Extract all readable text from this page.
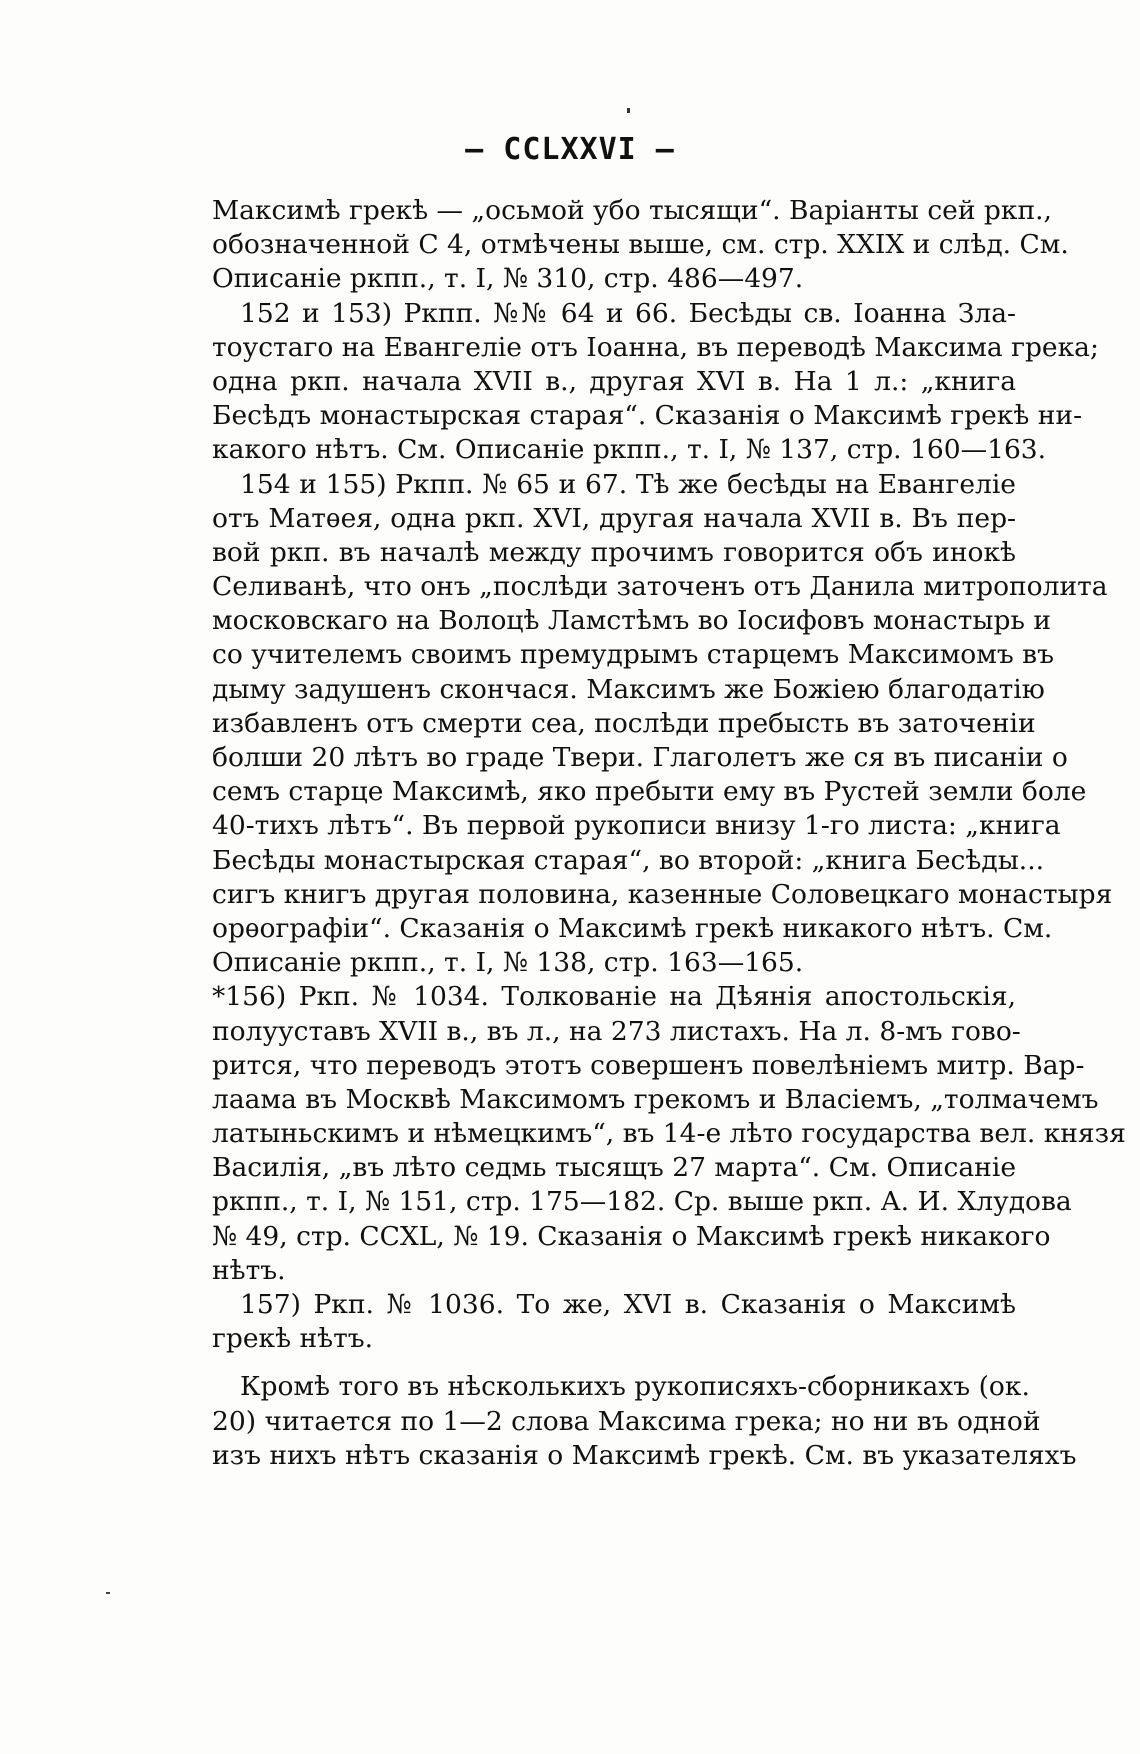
— CCLXXVI —
Максимѣ грекѣ — „осьмой убо тысящи“. Варіанты сей ркп.,
обозначенной С 4, отмѣчены выше, см. стр. XXIX и слѣд. См.
Описаніе ркпп., т. I, № 310, стр. 486—497.
152 и 153) Ркпп. №№ 64 и 66. Бесѣды св. Іоанна Зла-
тоустаго на Евангеліе отъ Іоанна, въ переводѣ Максима грека;
одна ркп. начала XVII в., другая XVI в. На 1 л.: „книга
Бесѣдъ монастырская старая“. Сказанія о Максимѣ грекѣ ни-
какого нѣтъ. См. Описаніе ркпп., т. I, № 137, стр. 160—163.
154 и 155) Ркпп. № 65 и 67. Тѣ же бесѣды на Евангеліе
отъ Матѳея, одна ркп. XVI, другая начала XVII в. Въ пер-
вой ркп. въ началѣ между прочимъ говорится объ инокѣ
Селиванѣ, что онъ „послѣди заточенъ отъ Данила митрополита
московскаго на Волоцѣ Ламстѣмъ во Іосифовъ монастырь и
со учителемъ своимъ премудрымъ старцемъ Максимомъ въ
дыму задушенъ скончася. Максимъ же Божіею благодатію
избавленъ отъ смерти сеа, послѣди пребысть въ заточеніи
болши 20 лѣтъ во граде Твери. Глаголетъ же ся въ писаніи о
семъ старце Максимѣ, яко пребыти ему въ Рустей земли боле
40-тихъ лѣтъ“. Въ первой рукописи внизу 1-го листа: „книга
Бесѣды монастырская старая“, во второй: „книга Бесѣды...
сигъ книгъ другая половина, казенные Соловецкаго монастыря
орѳографіи“. Сказанія о Максимѣ грекѣ никакого нѣтъ. См.
Описаніе ркпп., т. I, № 138, стр. 163—165.
*156) Ркп. № 1034. Толкованіе на Дѣянія апостольскія,
полууставъ XVII в., въ л., на 273 листахъ. На л. 8-мъ гово-
рится, что переводъ этотъ совершенъ повелѣніемъ митр. Вар-
лаама въ Москвѣ Максимомъ грекомъ и Власіемъ, „толмачемъ
латыньскимъ и нѣмецкимъ“, въ 14-е лѣто государства вел. князя
Василія, „въ лѣто седмь тысящъ 27 марта“. См. Описаніе
ркпп., т. I, № 151, стр. 175—182. Ср. выше ркп. А. И. Хлудова
№ 49, стр. CCXL, № 19. Сказанія о Максимѣ грекѣ никакого
нѣтъ.
157) Ркп. № 1036. То же, XVI в. Сказанія о Максимѣ
грекѣ нѣтъ.
Кромѣ того въ нѣсколькихъ рукописяхъ-сборникахъ (ок.
20) читается по 1—2 слова Максима грека; но ни въ одной
изъ нихъ нѣтъ сказанія о Максимѣ грекѣ. См. въ указателяхъ
